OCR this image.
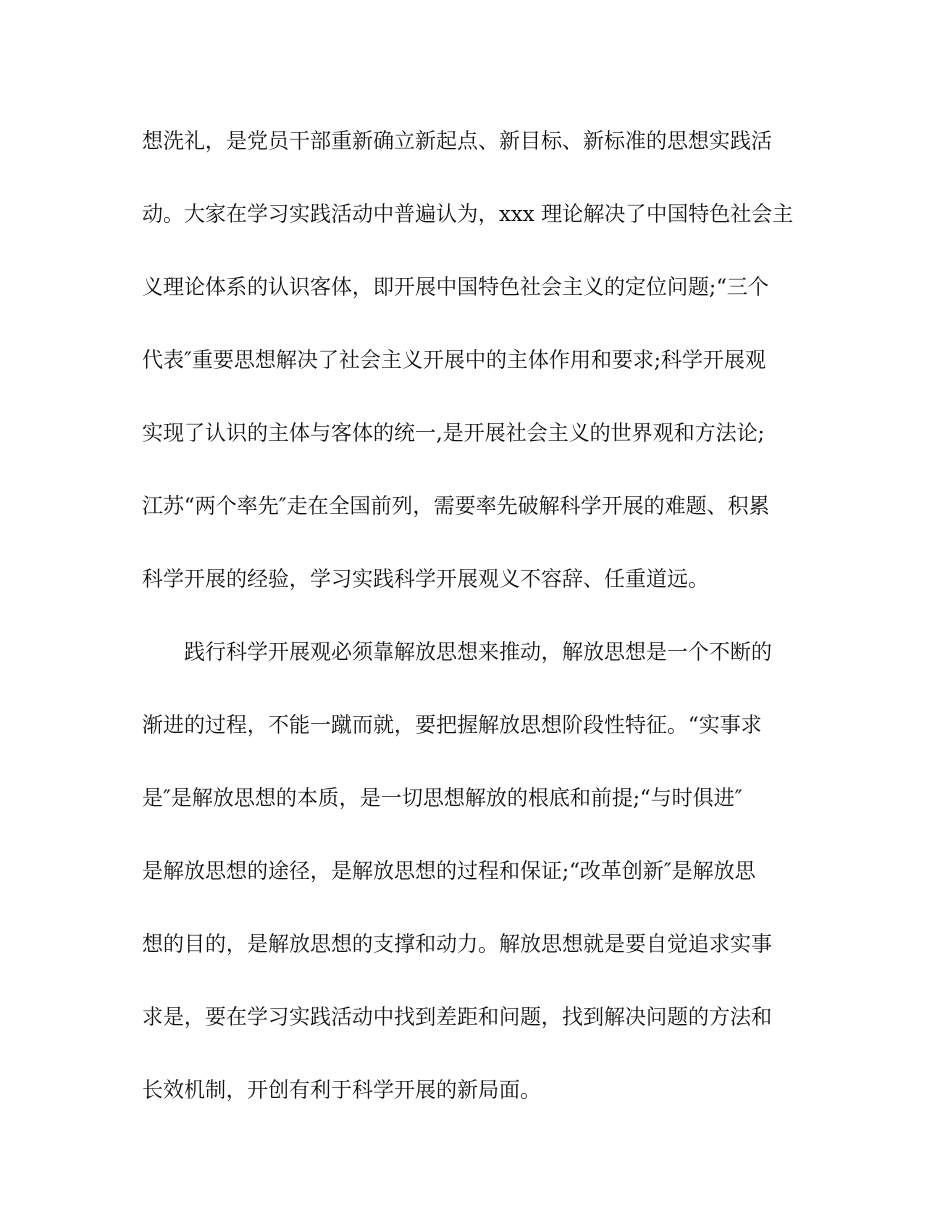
想洗礼，是党员干部重新确立新起点、新目标、新标准的思想实践活
动。大家在学习实践活动中普遍认为，xxx 理论解决了中国特色社会主
义理论体系的认识客体，即开展中国特色社会主义的定位问题;“三个
代表″重要思想解决了社会主义开展中的主体作用和要求;科学开展观
实现了认识的主体与客体的统一,是开展社会主义的世界观和方法论;
江苏“两个率先″走在全国前列，需要率先破解科学开展的难题、积累
科学开展的经验，学习实践科学开展观义不容辞、任重道远。
践行科学开展观必须靠解放思想来推动，解放思想是一个不断的
渐进的过程，不能一蹴而就，要把握解放思想阶段性特征。“实事求
是″是解放思想的本质，是一切思想解放的根底和前提;“与时俱进″
是解放思想的途径，是解放思想的过程和保证;“改革创新″是解放思
想的目的，是解放思想的支撑和动力。解放思想就是要自觉追求实事
求是，要在学习实践活动中找到差距和问题，找到解决问题的方法和
长效机制，开创有利于科学开展的新局面。
